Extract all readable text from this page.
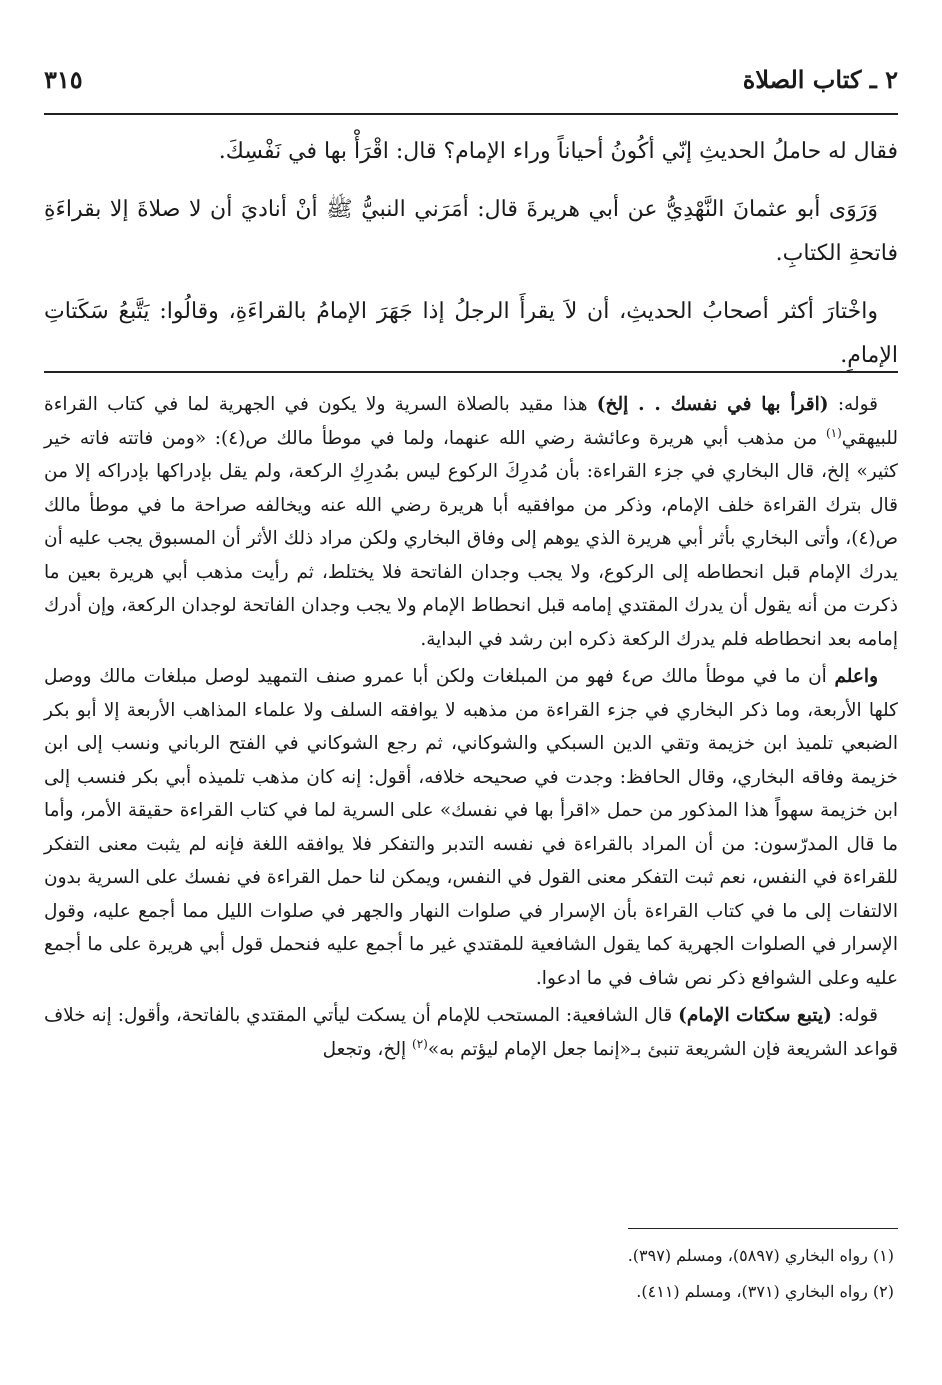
٢ ـ كتاب الصلاة
٣١٥

فقال له حاملُ الحديثِ إنّي أكُونُ أحياناً وراء الإمام؟ قال: اقْرَأْ بها في نَفْسِكَ.

وَرَوَى أبو عثمانَ النَّهْدِيُّ عن أبي هريرةَ قال: أمَرَني النبيُّ ﷺ أنْ أناديَ أن لا صلاةَ إلا بقراءَةِ فاتحةِ الكتابِ.

واخْتارَ أكثر أصحابُ الحديثِ، أن لاَ يقرأَ الرجلُ إذا جَهَرَ الإمامُ بالقراءَةِ، وقالُوا: يَتَّبعُ سَكَتاتِ الإمامِ.

قوله: (اقرأ بها في نفسك . . إلخ) هذا مقيد بالصلاة السرية ولا يكون في الجهرية لما في كتاب القراءة للبيهقي$^{(١)}$ من مذهب أبي هريرة وعائشة رضي الله عنهما، ولما في موطأ مالك ص(٤): «ومن فاتته فاته خير كثير» إلخ، قال البخاري في جزء القراءة: بأن مُدرِكَ الركوع ليس بمُدرِكِ الركعة، ولم يقل بإدراكها بإدراكه إلا من قال بترك القراءة خلف الإمام، وذكر من موافقيه أبا هريرة رضي الله عنه ويخالفه صراحة ما في موطأ مالك ص(٤)، وأتى البخاري بأثر أبي هريرة الذي يوهم إلى وفاق البخاري ولكن مراد ذلك الأثر أن المسبوق يجب عليه أن يدرك الإمام قبل انحطاطه إلى الركوع، ولا يجب وجدان الفاتحة فلا يختلط، ثم رأيت مذهب أبي هريرة بعين ما ذكرت من أنه يقول أن يدرك المقتدي إمامه قبل انحطاط الإمام ولا يجب وجدان الفاتحة لوجدان الركعة، وإن أدرك إمامه بعد انحطاطه فلم يدرك الركعة ذكره ابن رشد في البداية.

واعلم أن ما في موطأ مالك ص٤ فهو من المبلغات ولكن أبا عمرو صنف التمهيد لوصل مبلغات مالك ووصل كلها الأربعة، وما ذكر البخاري في جزء القراءة من مذهبه لا يوافقه السلف ولا علماء المذاهب الأربعة إلا أبو بكر الضبعي تلميذ ابن خزيمة وتقي الدين السبكي والشوكاني، ثم رجع الشوكاني في الفتح الرباني ونسب إلى ابن خزيمة وفاقه البخاري، وقال الحافظ: وجدت في صحيحه خلافه، أقول: إنه كان مذهب تلميذه أبي بكر فنسب إلى ابن خزيمة سهواً هذا المذكور من حمل «اقرأ بها في نفسك» على السرية لما في كتاب القراءة حقيقة الأمر، وأما ما قال المدرّسون: من أن المراد بالقراءة في نفسه التدبر والتفكر فلا يوافقه اللغة فإنه لم يثبت معنى التفكر للقراءة في النفس، نعم ثبت التفكر معنى القول في النفس، ويمكن لنا حمل القراءة في نفسك على السرية بدون الالتفات إلى ما في كتاب القراءة بأن الإسرار في صلوات النهار والجهر في صلوات الليل مما أجمع عليه، وقول الإسرار في الصلوات الجهرية كما يقول الشافعية للمقتدي غير ما أجمع عليه فنحمل قول أبي هريرة على ما أجمع عليه وعلى الشوافع ذكر نص شاف في ما ادعوا.

قوله: (يتبع سكتات الإمام) قال الشافعية: المستحب للإمام أن يسكت ليأتي المقتدي بالفاتحة، وأقول: إنه خلاف قواعد الشريعة فإن الشريعة تنبئ بـ«إنما جعل الإمام ليؤتم به»$^{(٢)}$ إلخ، وتجعل

(١) رواه البخاري (٥٨٩٧)، ومسلم (٣٩٧).
(٢) رواه البخاري (٣٧١)، ومسلم (٤١١).
